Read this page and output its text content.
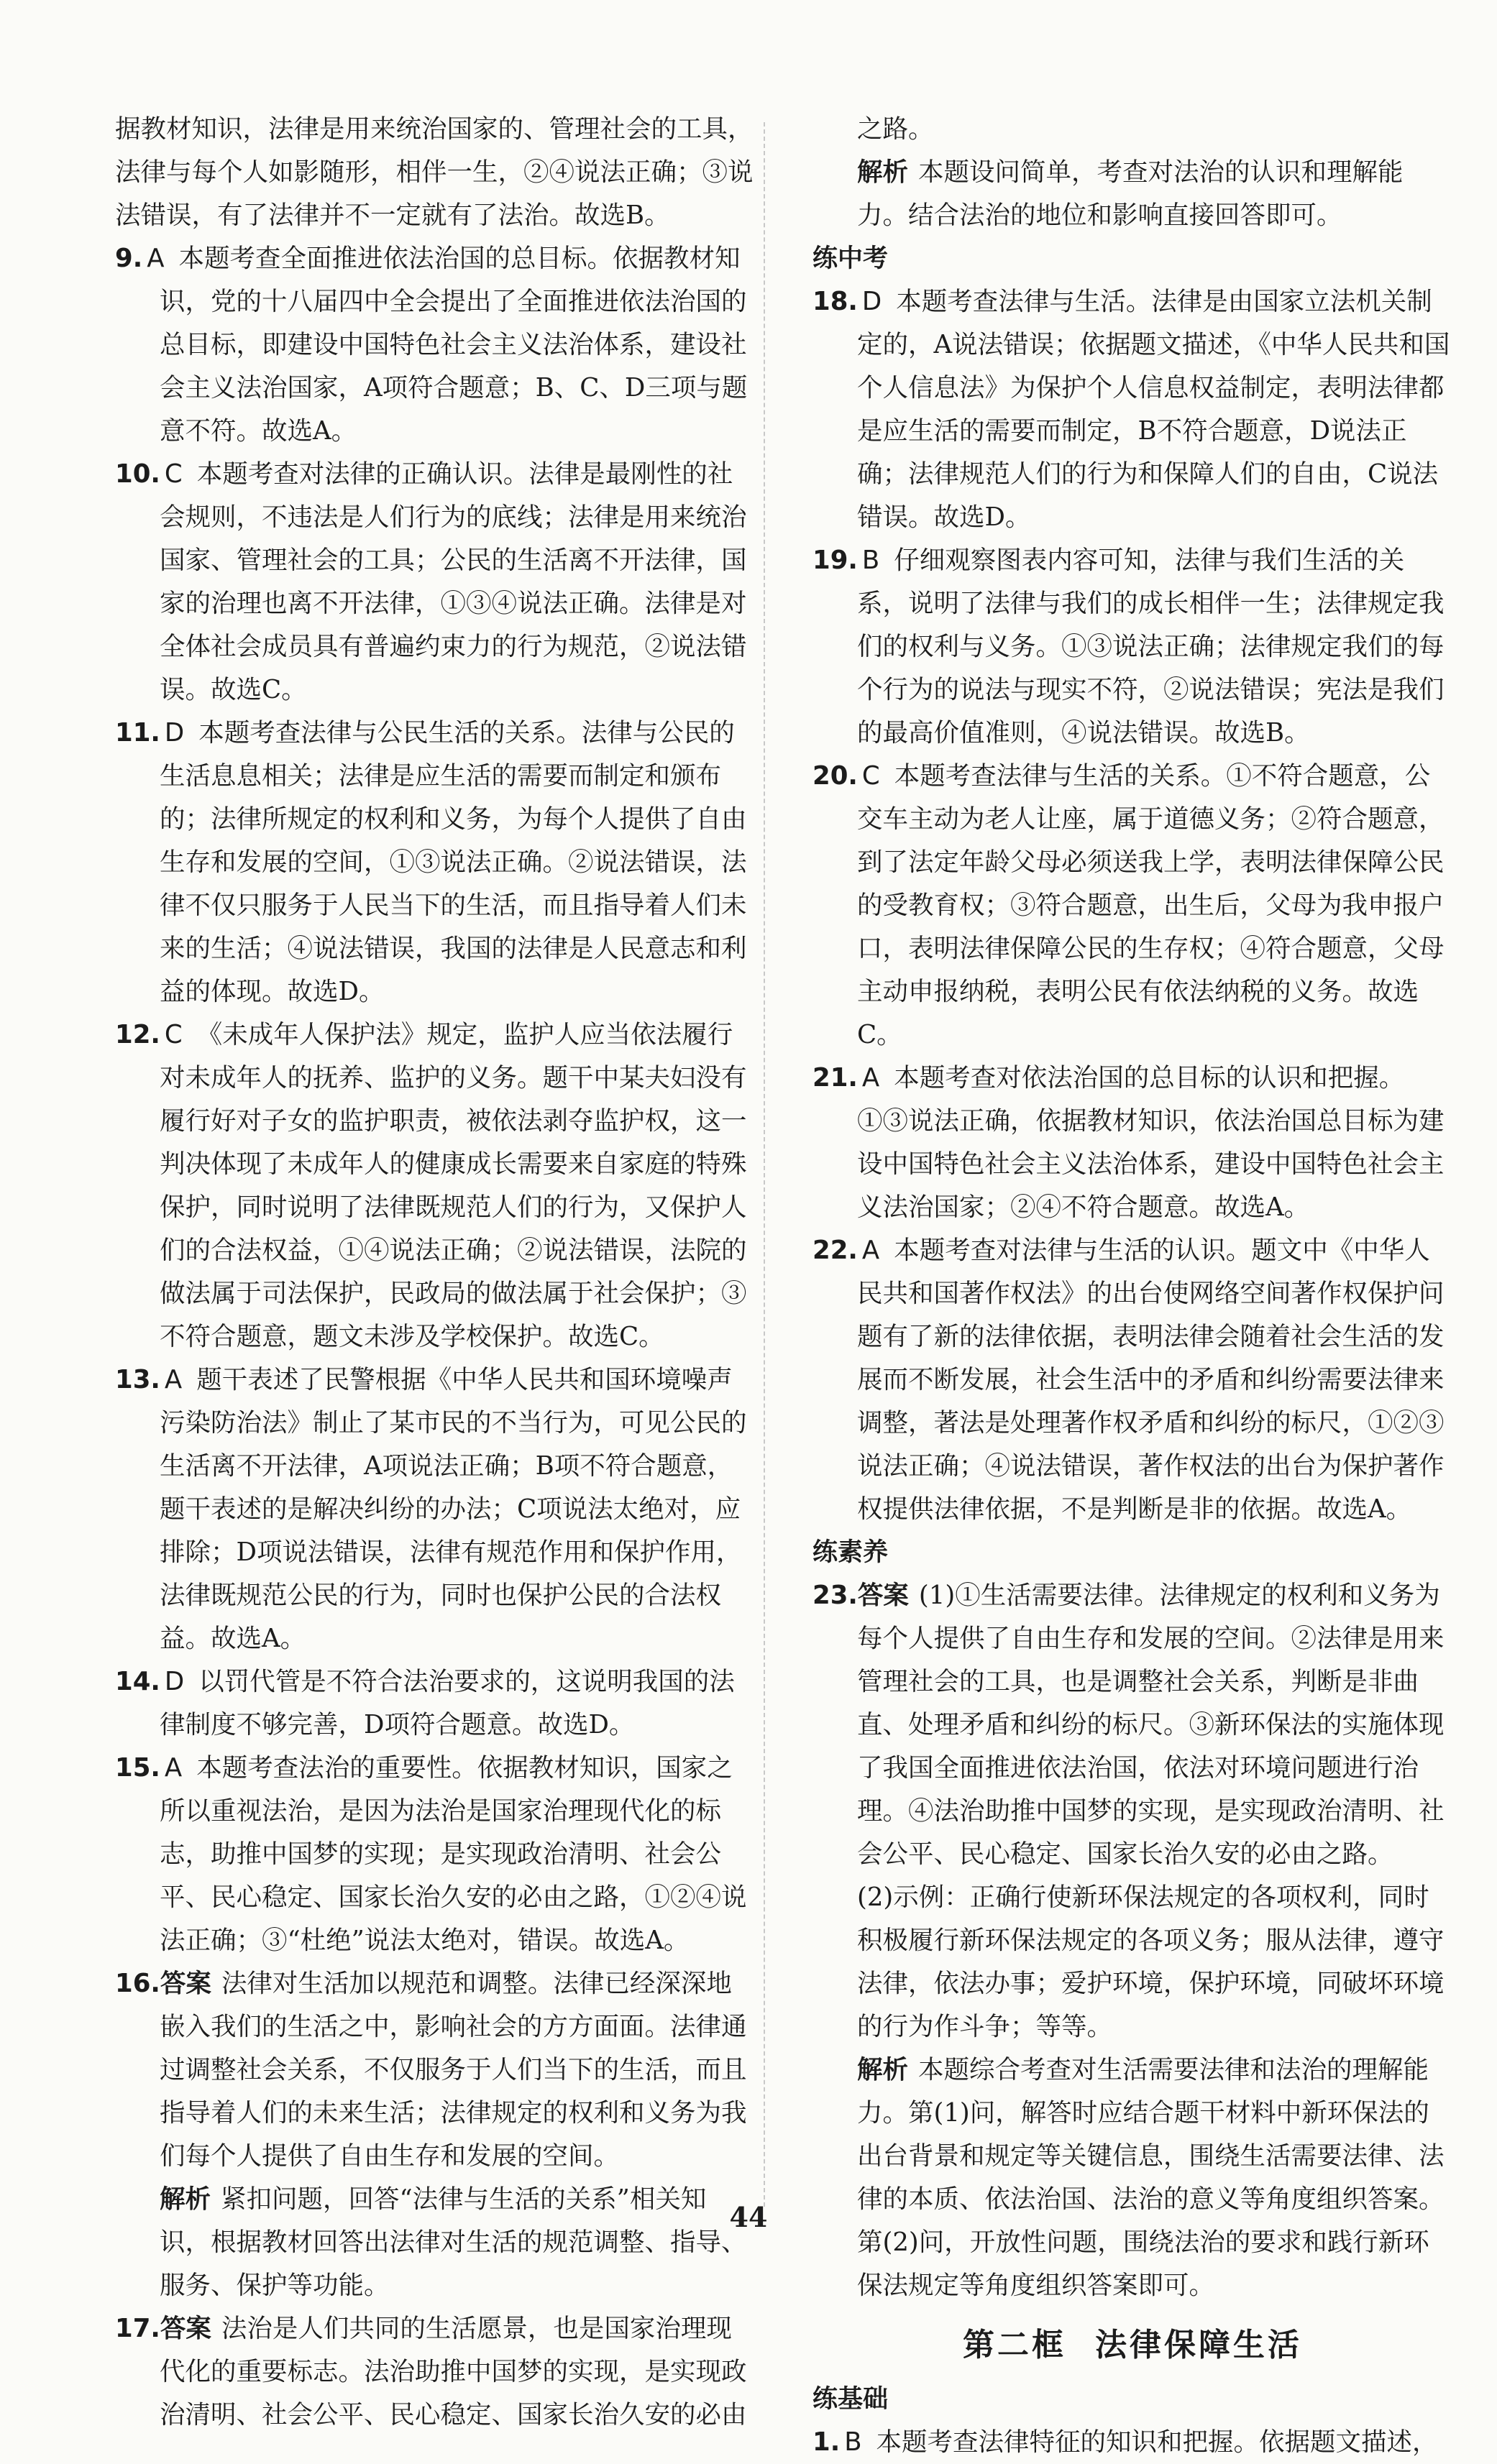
据教材知识，法律是用来统治国家的、管理社会的工具，法律与每个人如影随形，相伴一生，②④说法正确；③说法错误，有了法律并不一定就有了法治。故选B。

9. A 本题考查全面推进依法治国的总目标。依据教材知识，党的十八届四中全会提出了全面推进依法治国的总目标，即建设中国特色社会主义法治体系，建设社会主义法治国家，A项符合题意；B、C、D三项与题意不符。故选A。

10. C 本题考查对法律的正确认识。法律是最刚性的社会规则，不违法是人们行为的底线；法律是用来统治国家、管理社会的工具；公民的生活离不开法律，国家的治理也离不开法律，①③④说法正确。法律是对全体社会成员具有普遍约束力的行为规范，②说法错误。故选C。

11. D 本题考查法律与公民生活的关系。法律与公民的生活息息相关；法律是应生活的需要而制定和颁布的；法律所规定的权利和义务，为每个人提供了自由生存和发展的空间，①③说法正确。②说法错误，法律不仅只服务于人民当下的生活，而且指导着人们未来的生活；④说法错误，我国的法律是人民意志和利益的体现。故选D。

12. C 《未成年人保护法》规定，监护人应当依法履行对未成年人的抚养、监护的义务。题干中某夫妇没有履行好对子女的监护职责，被依法剥夺监护权，这一判决体现了未成年人的健康成长需要来自家庭的特殊保护，同时说明了法律既规范人们的行为，又保护人们的合法权益，①④说法正确；②说法错误，法院的做法属于司法保护，民政局的做法属于社会保护；③不符合题意，题文未涉及学校保护。故选C。

13. A 题干表述了民警根据《中华人民共和国环境噪声污染防治法》制止了某市民的不当行为，可见公民的生活离不开法律，A项说法正确；B项不符合题意，题干表述的是解决纠纷的办法；C项说法太绝对，应排除；D项说法错误，法律有规范作用和保护作用，法律既规范公民的行为，同时也保护公民的合法权益。故选A。

14. D 以罚代管是不符合法治要求的，这说明我国的法律制度不够完善，D项符合题意。故选D。

15. A 本题考查法治的重要性。依据教材知识，国家之所以重视法治，是因为法治是国家治理现代化的标志，助推中国梦的实现；是实现政治清明、社会公平、民心稳定、国家长治久安的必由之路，①②④说法正确；③“杜绝”说法太绝对，错误。故选A。

16.答案 法律对生活加以规范和调整。法律已经深深地嵌入我们的生活之中，影响社会的方方面面。法律通过调整社会关系，不仅服务于人们当下的生活，而且指导着人们的未来生活；法律规定的权利和义务为我们每个人提供了自由生存和发展的空间。

解析 紧扣问题，回答“法律与生活的关系”相关知识，根据教材回答出法律对生活的规范调整、指导、服务、保护等功能。

17.答案 法治是人们共同的生活愿景，也是国家治理现代化的重要标志。法治助推中国梦的实现，是实现政治清明、社会公平、民心稳定、国家长治久安的必由

之路。

解析 本题设问简单，考查对法治的认识和理解能力。结合法治的地位和影响直接回答即可。

练中考

18. D 本题考查法律与生活。法律是由国家立法机关制定的，A说法错误；依据题文描述，《中华人民共和国个人信息法》为保护个人信息权益制定，表明法律都是应生活的需要而制定，B不符合题意，D说法正确；法律规范人们的行为和保障人们的自由，C说法错误。故选D。

19. B 仔细观察图表内容可知，法律与我们生活的关系，说明了法律与我们的成长相伴一生；法律规定我们的权利与义务。①③说法正确；法律规定我们的每个行为的说法与现实不符，②说法错误；宪法是我们的最高价值准则，④说法错误。故选B。

20. C 本题考查法律与生活的关系。①不符合题意，公交车主动为老人让座，属于道德义务；②符合题意，到了法定年龄父母必须送我上学，表明法律保障公民的受教育权；③符合题意，出生后，父母为我申报户口，表明法律保障公民的生存权；④符合题意，父母主动申报纳税，表明公民有依法纳税的义务。故选C。

21. A 本题考查对依法治国的总目标的认识和把握。①③说法正确，依据教材知识，依法治国总目标为建设中国特色社会主义法治体系，建设中国特色社会主义法治国家；②④不符合题意。故选A。

22. A 本题考查对法律与生活的认识。题文中《中华人民共和国著作权法》的出台使网络空间著作权保护问题有了新的法律依据，表明法律会随着社会生活的发展而不断发展，社会生活中的矛盾和纠纷需要法律来调整，著法是处理著作权矛盾和纠纷的标尺，①②③说法正确；④说法错误，著作权法的出台为保护著作权提供法律依据，不是判断是非的依据。故选A。

练素养

23.答案 (1)①生活需要法律。法律规定的权利和义务为每个人提供了自由生存和发展的空间。②法律是用来管理社会的工具，也是调整社会关系，判断是非曲直、处理矛盾和纠纷的标尺。③新环保法的实施体现了我国全面推进依法治国，依法对环境问题进行治理。④法治助推中国梦的实现，是实现政治清明、社会公平、民心稳定、国家长治久安的必由之路。

(2)示例：正确行使新环保法规定的各项权利，同时积极履行新环保法规定的各项义务；服从法律，遵守法律，依法办事；爱护环境，保护环境，同破坏环境的行为作斗争；等等。

解析 本题综合考查对生活需要法律和法治的理解能力。第(1)问，解答时应结合题干材料中新环保法的出台背景和规定等关键信息，围绕生活需要法律、法律的本质、依法治国、法治的意义等角度组织答案。第(2)问，开放性问题，围绕法治的要求和践行新环保法规定等角度组织答案即可。

第二框 法律保障生活

练基础

1. B 本题考查法律特征的知识和把握。依据题文描述，

44
